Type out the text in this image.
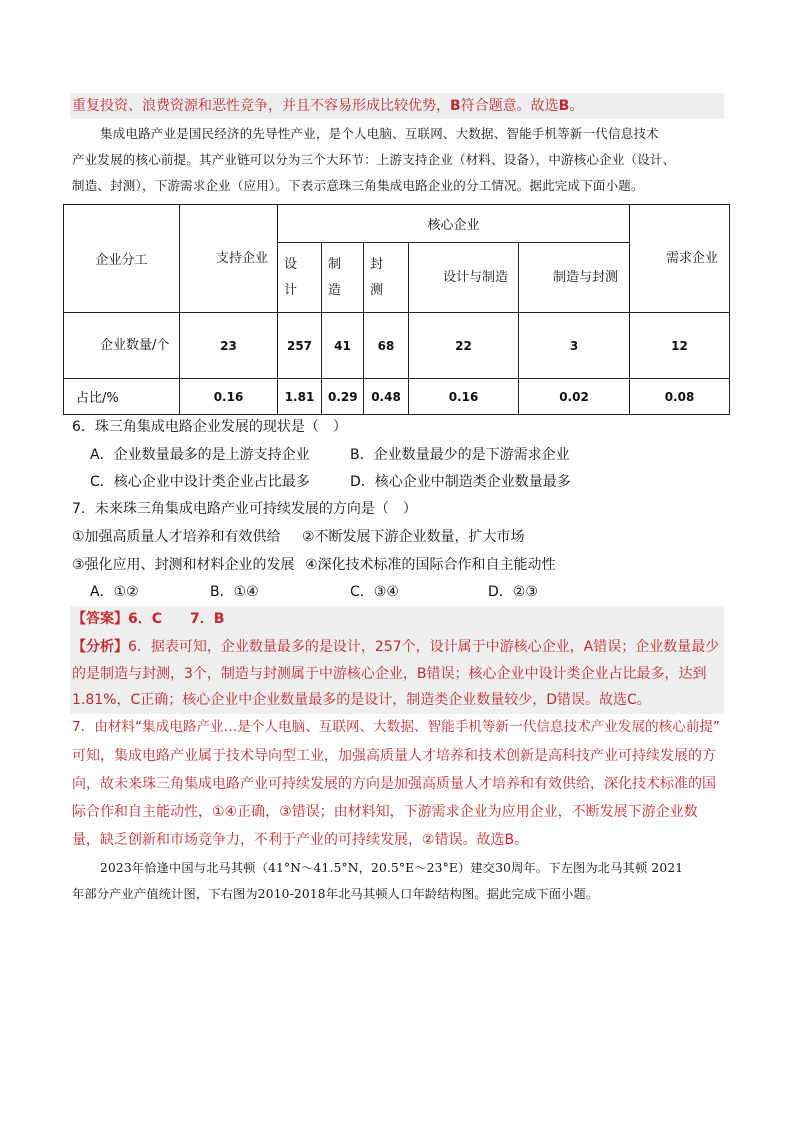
重复投资、浪费资源和恶性竞争，并且不容易形成比较优势，B符合题意。故选B。
集成电路产业是国民经济的先导性产业，是个人电脑、互联网、大数据、智能手机等新一代信息技术
产业发展的核心前提。其产业链可以分为三个大环节：上游支持企业（材料、设备），中游核心企业（设计、
制造、封测），下游需求企业（应用）。下表示意珠三角集成电路企业的分工情况。据此完成下面小题。
企业分工	支持企业	核心企业					需求企业

		设计	制造	封测	设计与制造	制造与封测	

企业数量/个	23	257	41	68	22	3	12
占比/%	0.16	1.81	0.29	0.48	0.16	0.02	0.08
6．珠三角集成电路企业发展的现状是（　）
A．企业数量最多的是上游支持企业	B．企业数量最少的是下游需求企业
C．核心企业中设计类企业占比最多	D．核心企业中制造类企业数量最多
7．未来珠三角集成电路产业可持续发展的方向是（　）
①加强高质量人才培养和有效供给 ②不断发展下游企业数量，扩大市场
③强化应用、封测和材料企业的发展 ④深化技术标准的国际合作和自主能动性
A．①②	B．①④	C．③④	D．②③
【答案】6．C　　7．B
【分析】6．据表可知，企业数量最多的是设计，257个，设计属于中游核心企业，A错误；企业数量最少
的是制造与封测，3个，制造与封测属于中游核心企业，B错误；核心企业中设计类企业占比最多，达到
1.81%，C正确；核心企业中企业数量最多的是设计，制造类企业数量较少，D错误。故选C。
7．由材料“集成电路产业…是个人电脑、互联网、大数据、智能手机等新一代信息技术产业发展的核心前提”
可知，集成电路产业属于技术导向型工业，加强高质量人才培养和技术创新是高科技产业可持续发展的方
向，故未来珠三角集成电路产业可持续发展的方向是加强高质量人才培养和有效供给，深化技术标准的国
际合作和自主能动性，①④正确，③错误；由材料知，下游需求企业为应用企业，不断发展下游企业数
量，缺乏创新和市场竞争力，不利于产业的可持续发展，②错误。故选B。
2023年恰逢中国与北马其顿（41°N～41.5°N，20.5°E～23°E）建交30周年。下左图为北马其顿 2021
年部分产业产值统计图，下右图为2010-2018年北马其顿人口年龄结构图。据此完成下面小题。
